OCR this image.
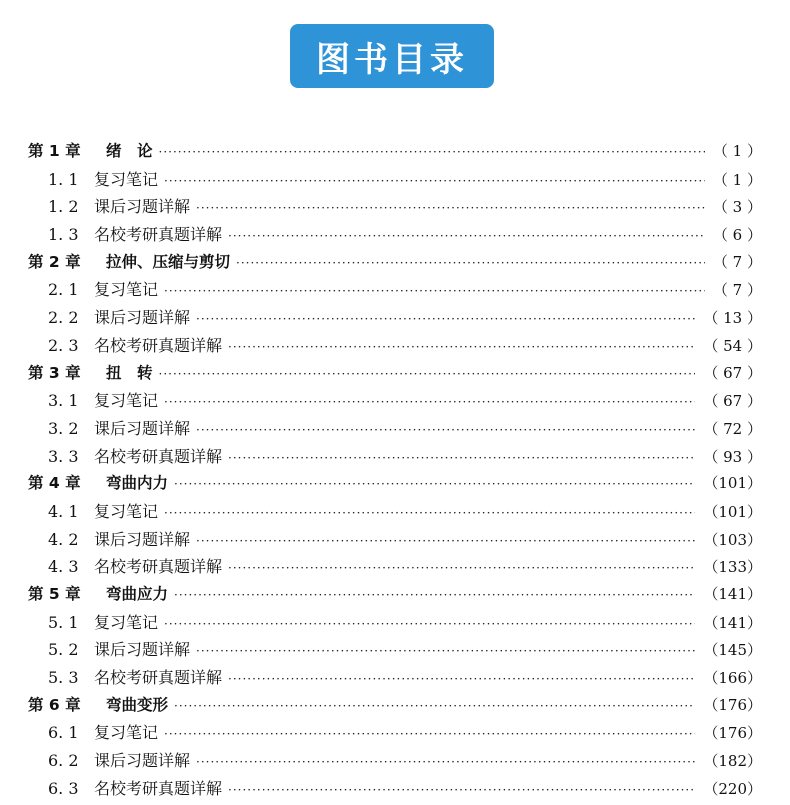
图书目录
第 1 章	绪　论 ·····	（ 1 ）
1. 1 复习笔记 ·····	（ 1 ）
1. 2 课后习题详解 ·····	（ 3 ）
1. 3 名校考研真题详解 ·····	（ 6 ）
第 2 章	拉伸、压缩与剪切 ·····	（ 7 ）
2. 1 复习笔记 ·····	（ 7 ）
2. 2 课后习题详解 ·····	（ 13 ）
2. 3 名校考研真题详解 ·····	（ 54 ）
第 3 章	扭　转 ·····	（ 67 ）
3. 1 复习笔记 ·····	（ 67 ）
3. 2 课后习题详解 ·····	（ 72 ）
3. 3 名校考研真题详解 ·····	（ 93 ）
第 4 章	弯曲内力 ·····	（101）
4. 1 复习笔记 ·····	（101）
4. 2 课后习题详解 ·····	（103）
4. 3 名校考研真题详解 ·····	（133）
第 5 章	弯曲应力 ·····	（141）
5. 1 复习笔记 ·····	（141）
5. 2 课后习题详解 ·····	（145）
5. 3 名校考研真题详解 ·····	（166）
第 6 章	弯曲变形 ·····	（176）
6. 1 复习笔记 ·····	（176）
6. 2 课后习题详解 ·····	（182）
6. 3 名校考研真题详解 ·····	（220）
